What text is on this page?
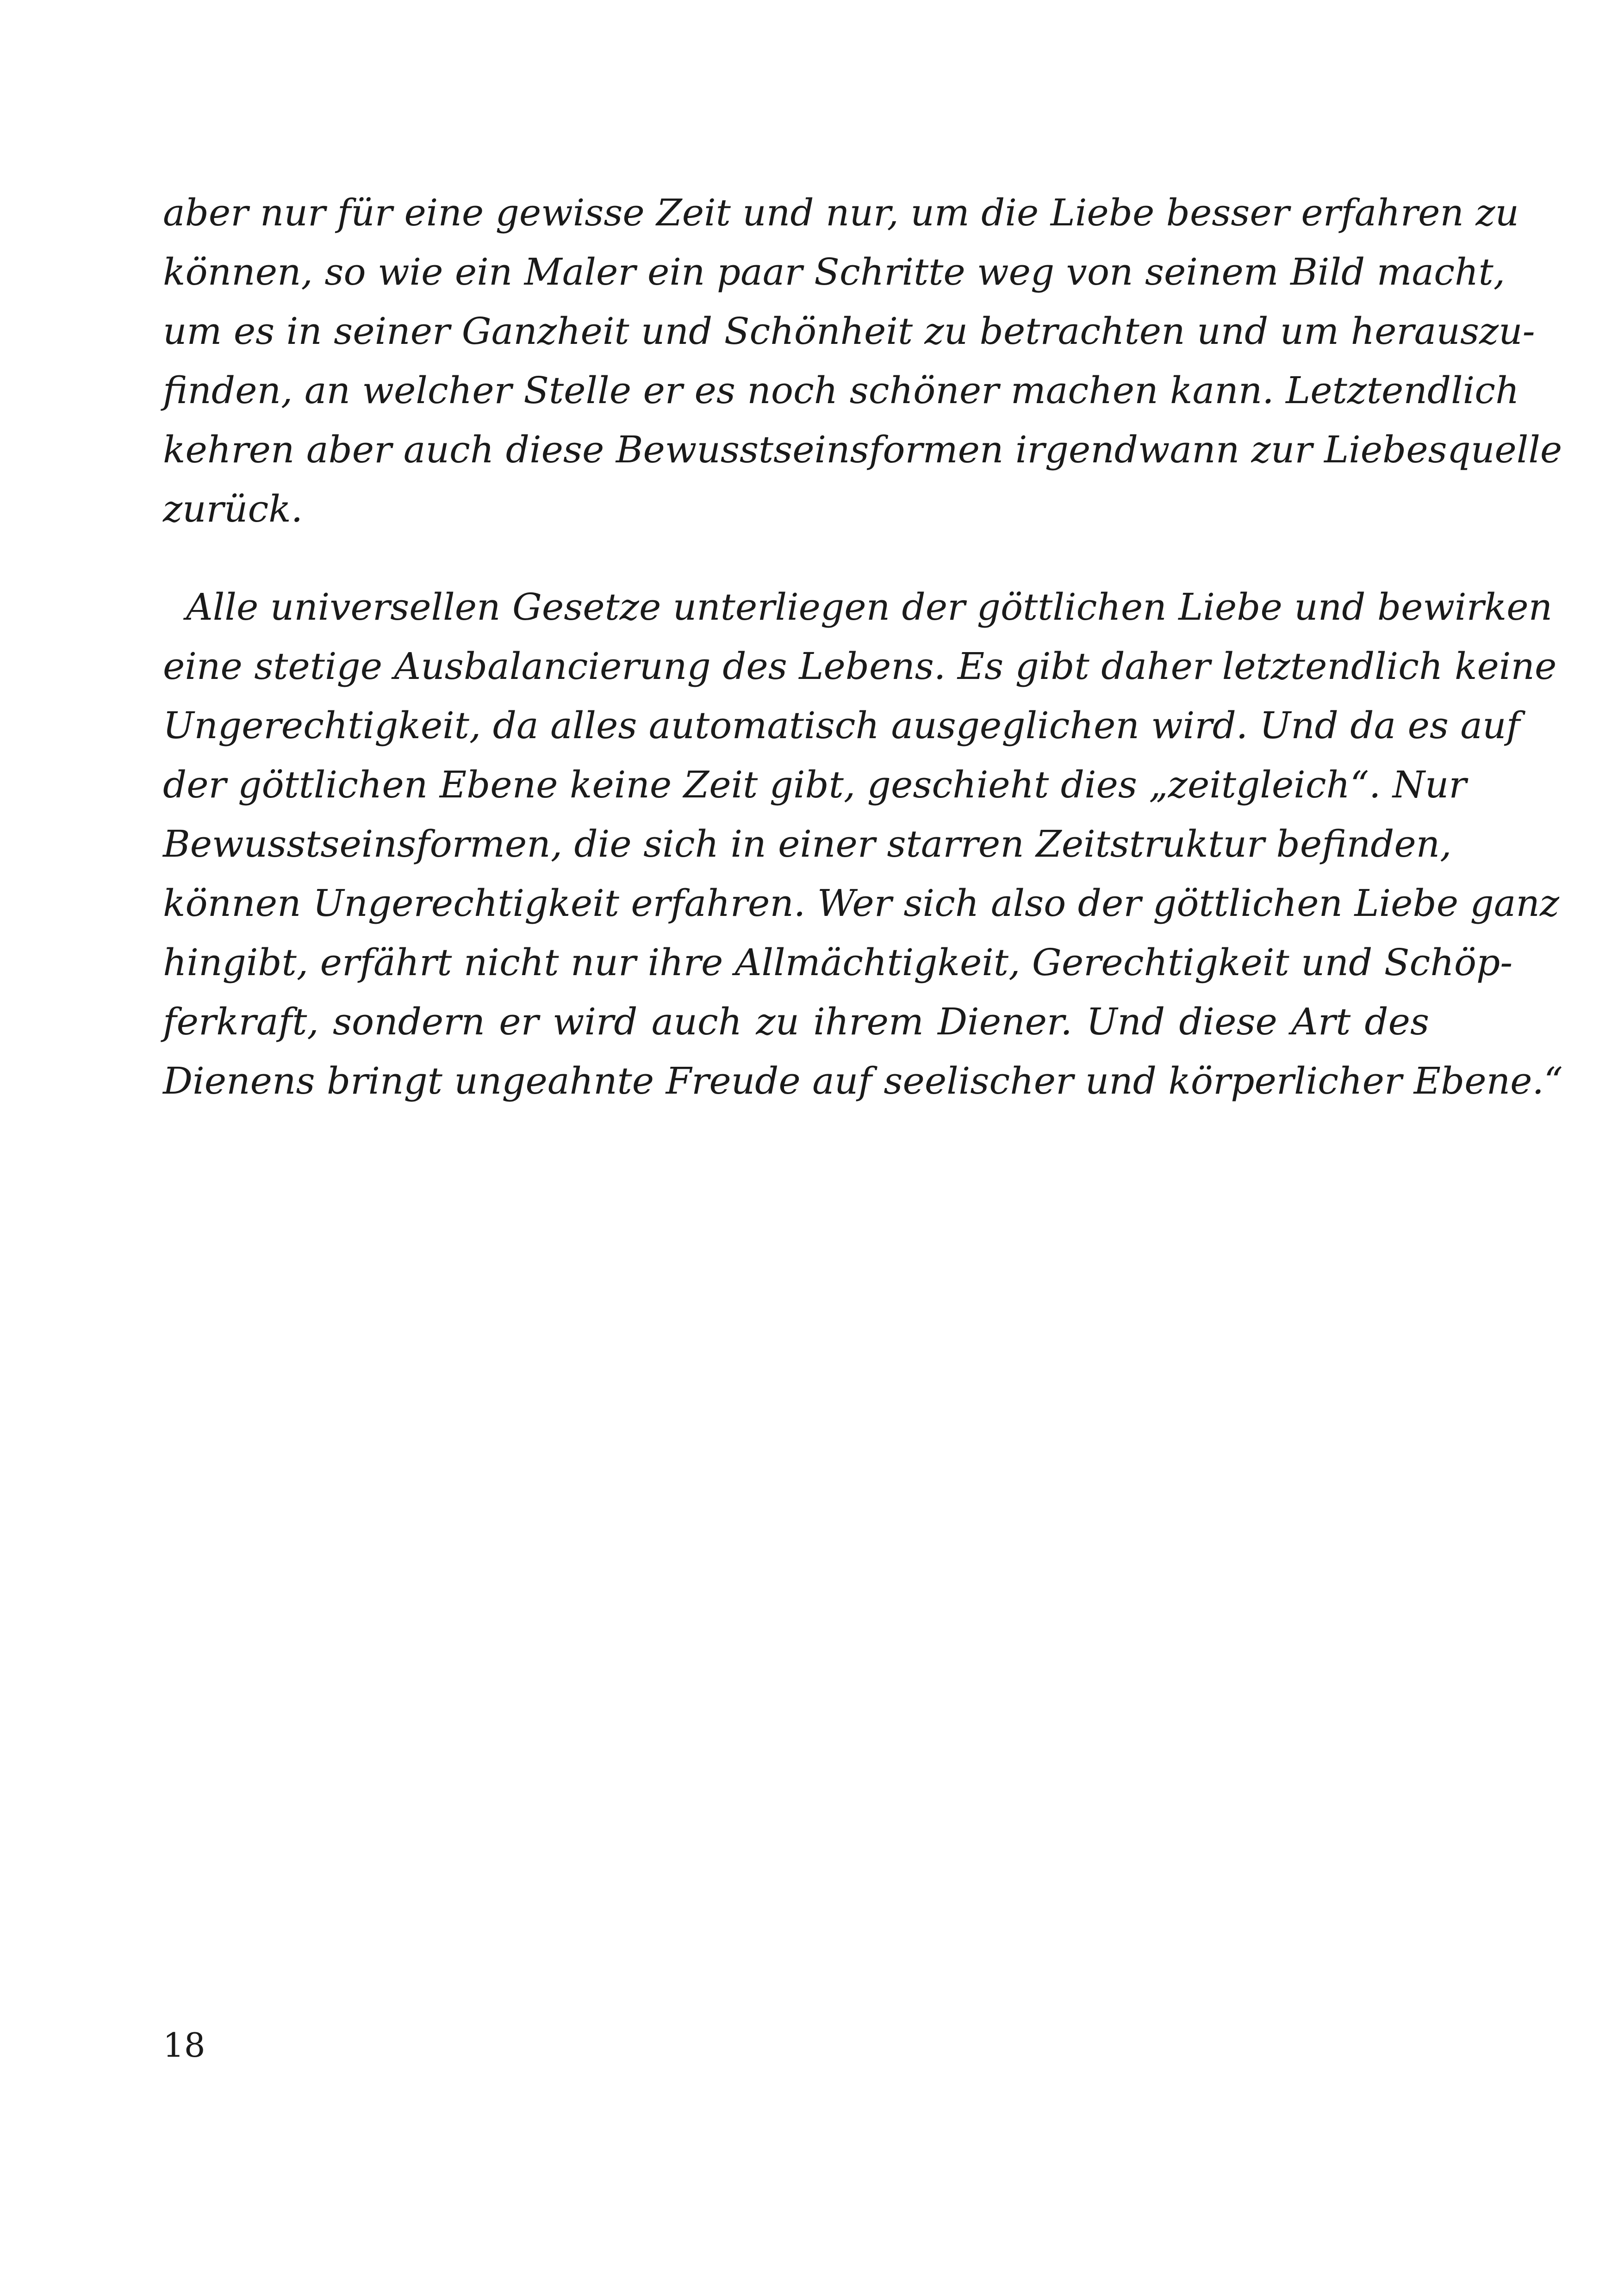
aber nur für eine gewisse Zeit und nur, um die Liebe besser erfahren zu
können, so wie ein Maler ein paar Schritte weg von seinem Bild macht,
um es in seiner Ganzheit und Schönheit zu betrachten und um herauszu-
finden, an welcher Stelle er es noch schöner machen kann. Letztendlich
kehren aber auch diese Bewusstseinsformen irgendwann zur Liebesquelle
zurück.
Alle universellen Gesetze unterliegen der göttlichen Liebe und bewirken
eine stetige Ausbalancierung des Lebens. Es gibt daher letztendlich keine
Ungerechtigkeit, da alles automatisch ausgeglichen wird. Und da es auf
der göttlichen Ebene keine Zeit gibt, geschieht dies „zeitgleich“. Nur
Bewusstseinsformen, die sich in einer starren Zeitstruktur befinden,
können Ungerechtigkeit erfahren. Wer sich also der göttlichen Liebe ganz
hingibt, erfährt nicht nur ihre Allmächtigkeit, Gerechtigkeit und Schöp-
ferkraft, sondern er wird auch zu ihrem Diener. Und diese Art des
Dienens bringt ungeahnte Freude auf seelischer und körperlicher Ebene.“
18
